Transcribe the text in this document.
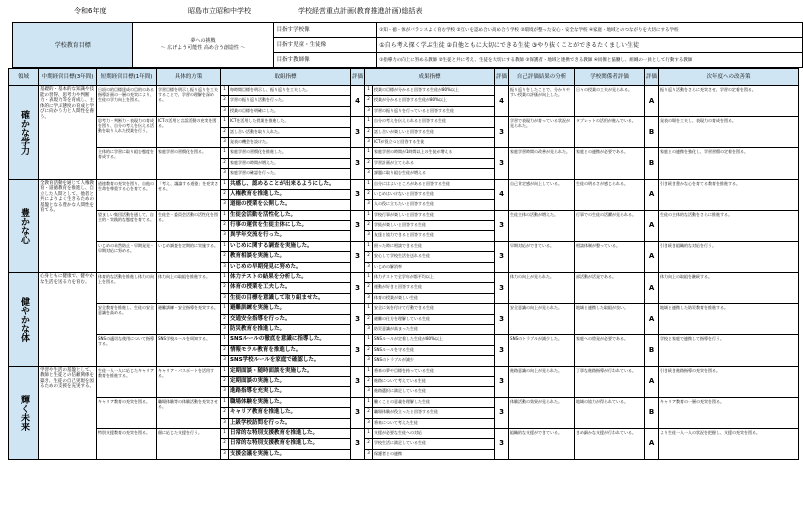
令和6年度	昭島市立昭和中学校	学校経営重点計画(教育推進計画)総括表
学校教育目標	夢への挑戦
〜 広げよう可能性 高め合う創造性 〜	目指す学校像	①知・徳・体がバランスよく育む学校 ②互いを認め合い高め合う学校 ③環境が整った安心・安全な学校 ④家庭・地域とのつながりを大切にする学校
		目指す児童・生徒像	①自ら考え探く学ぶ生徒 ②自他ともに大切にできる生徒 ③やり抜くことができるたくましい生徒
		目指す教師像	①指導力の向上に努める教師 ②生徒と共に考え、生徒を大切にする教師 ③保護者・地域と連携できる教師 ④同僚と協働し、組織の一員として行動する教師
領域	中期経営目標(3年間)	短期経営目標(1年間)	具体的方策	取組指標		評価	成果指標		評価	自己評価結果の分析	学校関係者評価	評価	次年度への改善策
確かな学力	基礎的・基本的な知識や技能の習得、思考力や判断力・表現力等を育成し、主体的に学ぶ態度の育成と学びに向かう力と人間性を養う。	日頃の的目標達成の目的のある指導計画の一層の充実により、生徒の学力向上を図る。	学習目標を明示し振り返りを工夫することで、学習の理解を深める。	1	毎時間目標を明示し、振り返りを工夫した。	4	1	授業の目標が分かると回答する生徒が80%以上	4	振り返りをしたことで、分かりやすい授業の評価が向上した。	日々の授業の工夫が見られる。	A	振り返り活動をさらに充実させ、学習の定着を図る。
				2	学習の振り返り活動を行った。		2	授業が分かると回答する生徒が80%以上					
				3	授業の目標を明確にした。		3	学習の振り返りを行っていると回答する生徒					
		思考力・判断力・表現力の育成を図り、自分の考えを伝える活動を取り入れた授業を行う。	ICTの活用と言語活動の充実を図る。	1	ICTを活用した授業を推進した。	3	1	自分の考えを伝えられると回答する生徒	3	学習で表現力が育っている状況が見られた。	タブレットの活用が進んでいる。	B	発表の場を工夫し、表現力の育成を図る。
				2	話し合い活動を取り入れた。		2	話し合いが楽しいと回答する生徒					
				3	発表の機会を設けた。		3	ICTが役立つと回答する生徒					
		主体的に学習に取り組む態度を育成する。	家庭学習の習慣化を図る。	1	家庭学習の習慣化を推進した。	3	1	家庭学習の時間が1時間以上の生徒が増える	3	家庭学習時間の改善が見られた。	家庭との連携が必要である。	B	家庭との連携を強化し、学習習慣の定着を図る。
				2	家庭学習の時間が増えた。		2	学習計画が立てられる					
				3	家庭学習の確認を行った。		3	課題に取り組む生徒が増える					
豊かな心	全教育活動を通じて人権教育・道徳教育を推進し、自立した人間として、他者と共によりよく生きるための基盤となる豊かな人間性を育てる。	道徳教育の充実を図り、自他の生命を尊重する心を育てる。	「考え、議論する道徳」を充実させる。	1	共感し、認めることが出来るようにした。	3	1	自分にはよいところがあると回答する生徒	4	自己肯定感が向上している。	生徒の明るさが感じられる。	A	引き続き豊かな心を育てる教育を推進する。
				2	人権教育を推進した。		2	いじめはいけないと回答する生徒					
				3	道徳の授業を公開した。		3	人の役に立ちたいと回答する生徒					
		望ましい集団活動を通して、自主的・実践的な態度を育てる。	生徒会・委員会活動の活性化を図る。	1	生徒会活動を活性化した。	3	1	学校行事が楽しいと回答する生徒	3	生徒主体の活動が増えた。	行事での生徒の活躍が見られる。	A	生徒の主体的な活動をさらに推進する。
				2	行事の運営を生徒主体にした。		2	学級が楽しいと回答する生徒					
				3	異学年交流を行った。		3	友達と協力できると回答する生徒					
		いじめの未然防止・早期発見・早期対応に努める。	いじめ調査を定期的に実施する。	1	いじめに関する調査を実施した。	3	1	困った時に相談できる生徒	3	早期対応ができている。	相談体制が整っている。	A	引き続き組織的な対応を行う。
				2	教育相談を実施した。		2	安心して学校生活を送れる生徒					
				3	いじめの早期発見に努めた。		3	いじめの解消率					
健やかな体	心身ともに健康で、健やかな生活を送る力を育む。	体育的な活動を推進し体力の向上を図る。	体力向上の取組を推進する。	1	体力テストの結果を分析した。	3	1	体力テストで全学年が都平均以上	3	体力の向上が見られた。	部活動が活発である。	A	体力向上の取組を継続する。
				2	体育の授業を工夫した。		2	運動が好きと回答する生徒					
				3	生徒の目標を意識して取り組ませた。		3	体育の授業が楽しい生徒					
		安全教育を推進し、生徒の安全意識を高める。	避難訓練・安全指導を充実する。	1	避難訓練を実施した。	3	1	安全に気を付けて行動できる生徒	3	安全意識の向上が見られた。	地域と連携した取組が良い。	A	地域と連携した防災教育を推進する。
				2	交通安全指導を行った。		2	避難の仕方を理解している生徒					
				3	防災教育を推進した。		3	防災意識が高まった生徒					
		SNSの適切な使用について指導する。	SNS学校ルールを周知する。	1	SNSルールの徹底を意識に指導した。	3	1	SNSルールが定着した生徒が80%以上	3	SNSのトラブルが減少した。	家庭への啓発が必要である。	B	学校と家庭で連携して指導を行う。
				2	情報モラル教育を推進した。		2	SNSルールを守る生徒					
				3	SNS学校ルールを家庭で確認した。		3	SNSのトラブルが減少					
輝く未来	学習や生活の基盤として、教師と生徒との信頼関係を築き、生徒の自己実現を図るための支援を充実する。	生徒一人一人に応じたキャリア教育を推進する。	キャリア・パスポートを活用する。	1	定期面談・随時面談を実施した。	3	1	将来の夢や目標を持っている生徒	3	進路意識の向上が見られた。	丁寧な進路指導が行われている。	A	引き続き進路指導の充実を図る。
				2	定期面談の実施した。		2	進路について考えている生徒					
				3	進路指導を充実した。		3	進路選択に満足している生徒					
		キャリア教育の充実を図る。	職場体験等の体験活動を充実させる。	1	職場体験を実施した。	3	1	働くことの意義を理解した生徒	3	体験活動の効果が見られた。	地域の協力が得られている。	B	キャリア教育の一層の充実を図る。
				2	キャリア教育を推進した。		2	職場体験が役立ったと回答する生徒					
				3	上級学校訪問を行った。		3	将来について考えた生徒					
		特別支援教育の充実を図る。	個に応じた支援を行う。	1	日常的な特別支援教育を推進した。	3	1	支援が必要な生徒への対応	3	組織的な支援ができている。	きめ細かな支援が行われている。	A	より生徒一人一人の状況を把握し、支援の充実を図る。
				2	日常的な特別支援教育を推進した。		2	学校生活に満足している生徒					
				3	支援会議を実施した。		3	保護者との連携					
